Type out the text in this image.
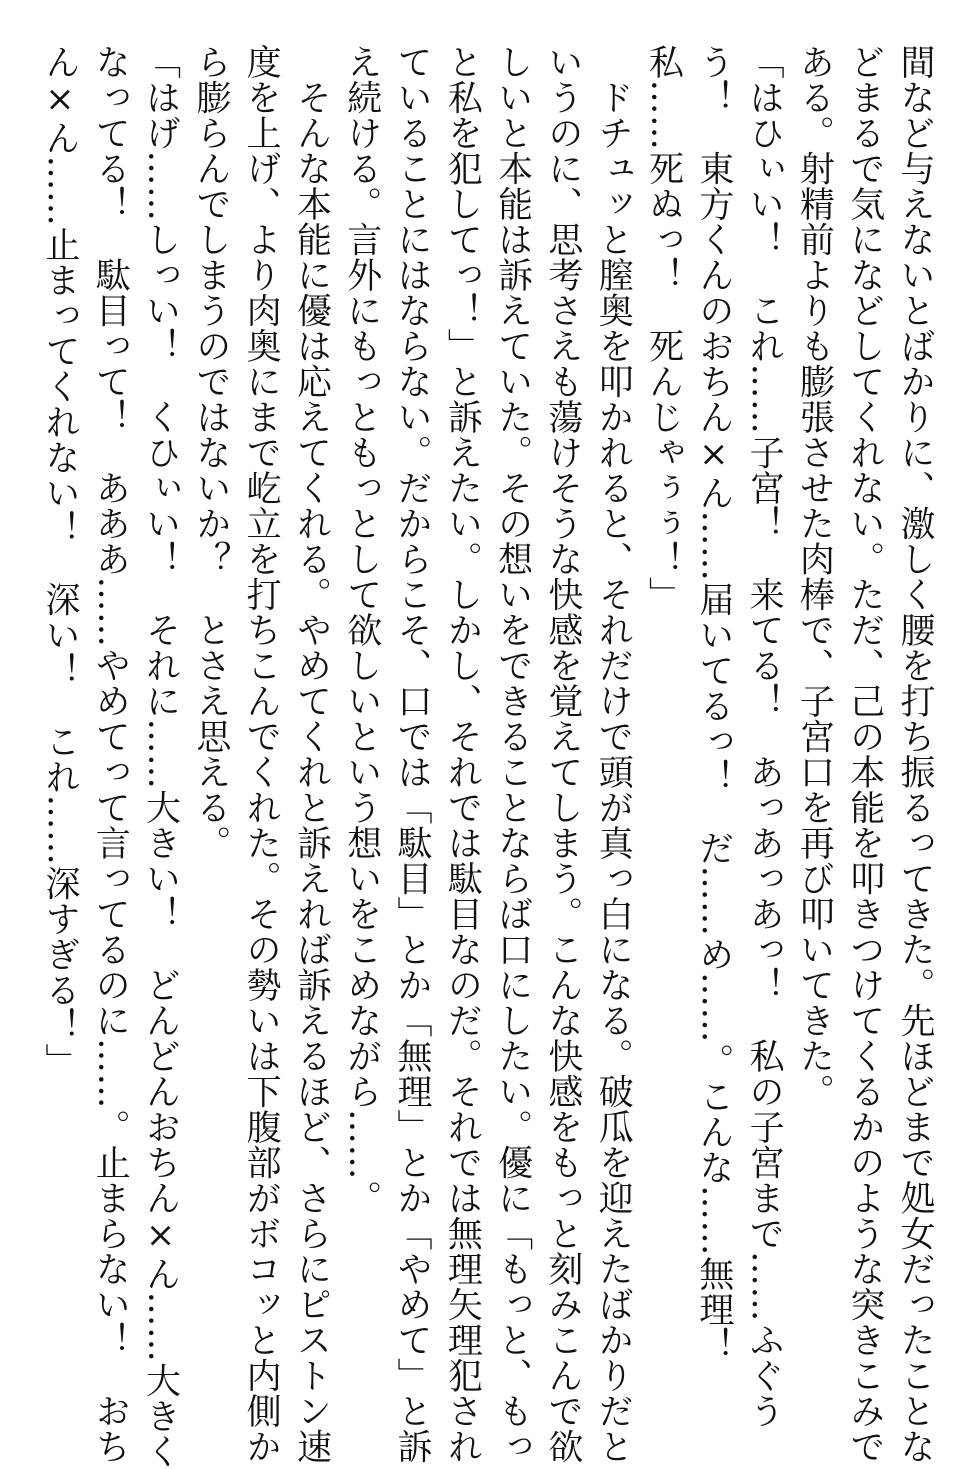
間など与えないとばかりに、激しく腰を打ち振るってきた。先ほどまで処女だったことな
どまるで気になどしてくれない。ただ、己の本能を叩きつけてくるかのような突きこみで
ある。射精前よりも膨張させた肉棒で、子宮口を再び叩いてきた。
「はひぃい！　これ……子宮！　来てる！　あっあっあっ！　私の子宮まで……ふぐう
う！　東方くんのおちん×ん……届いてるっ！　だ……め……。こんな……無理！
私……死ぬっ！　死んじゃぅぅ！」
　ドチュッと膣奥を叩かれると、それだけで頭が真っ白になる。破瓜を迎えたばかりだと
いうのに、思考さえも蕩けそうな快感を覚えてしまう。こんな快感をもっと刻みこんで欲
しいと本能は訴えていた。その想いをできることならば口にしたい。優に「もっと、もっ
と私を犯してっ！」と訴えたい。しかし、それでは駄目なのだ。それでは無理矢理犯され
ていることにはならない。だからこそ、口では「駄目」とか「無理」とか「やめて」と訴
え続ける。言外にもっともっとして欲しいという想いをこめながら……。
　そんな本能に優は応えてくれる。やめてくれと訴えれば訴えるほど、さらにピストン速
度を上げ、より肉奥にまで屹立を打ちこんでくれた。その勢いは下腹部がボコッと内側か
ら膨らんでしまうのではないか？　とさえ思える。
「はげ……しっい！　くひぃい！　それに……大きい！　どんどんおちん×ん……大きく
なってる！　駄目って！　あああ……やめてって言ってるのに……。止まらない！　おち
ん×ん……止まってくれない！　深い！　これ……深すぎる！」
